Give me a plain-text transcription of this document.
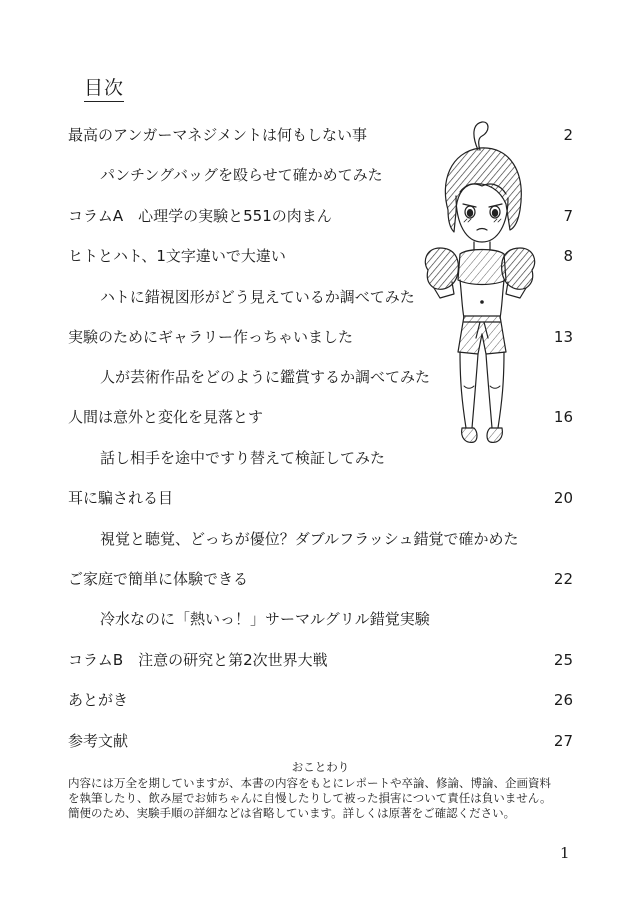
目次
最高のアンガーマネジメントは何もしない事	2
パンチングバッグを殴らせて確かめてみた
コラムA　心理学の実験と551の肉まん	7
ヒトとハト、1文字違いで大違い	8
ハトに錯視図形がどう見えているか調べてみた
実験のためにギャラリー作っちゃいました	13
人が芸術作品をどのように鑑賞するか調べてみた
人間は意外と変化を見落とす	16
話し相手を途中ですり替えて検証してみた
耳に騙される目	20
視覚と聴覚、どっちが優位？ダブルフラッシュ錯覚で確かめた
ご家庭で簡単に体験できる	22
冷水なのに「熱いっ！」サーマルグリル錯覚実験
コラムB　注意の研究と第2次世界大戦	25
あとがき	26
参考文献	27
おことわり
内容には万全を期していますが、本書の内容をもとにレポートや卒論、修論、博論、企画資料
を執筆したり、飲み屋でお姉ちゃんに自慢したりして被った損害について責任は負いません。
簡便のため、実験手順の詳細などは省略しています。詳しくは原著をご確認ください。
1
